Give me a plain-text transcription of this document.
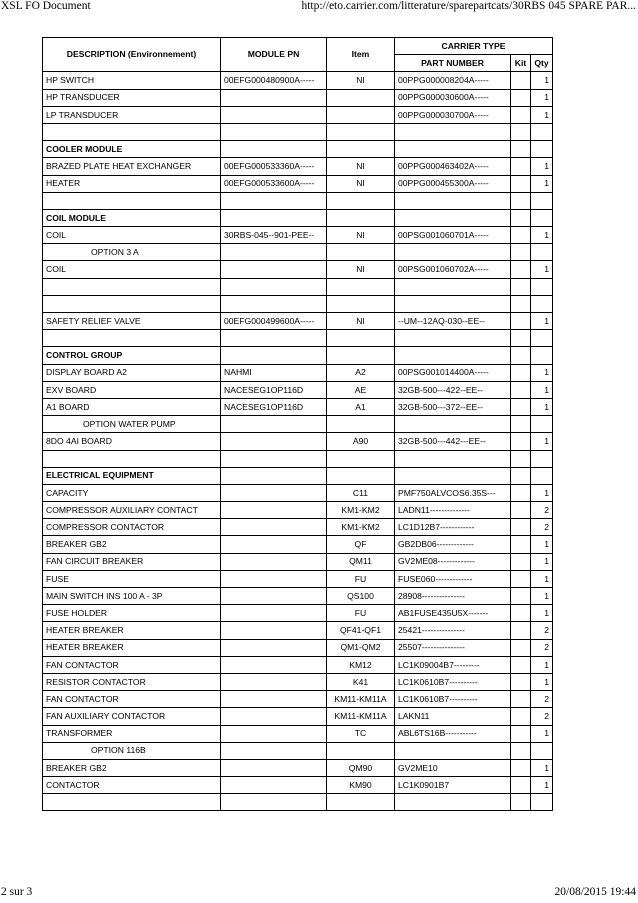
XSL FO Document	http://eto.carrier.com/litterature/sparepartcats/30RBS 045 SPARE PAR...
DESCRIPTION (Environnement)	MODULE PN	Item	CARRIER TYPE		
			PART NUMBER	Kit	Qty
HP SWITCH	00EFG000480900A-----	NI	00PPG000008204A-----		1
HP TRANSDUCER			00PPG000030600A-----		1
LP TRANSDUCER			00PPG000030700A-----		1

COOLER MODULE					
BRAZED PLATE HEAT EXCHANGER	00EFG000533360A-----	NI	00PPG000463402A-----		1
HEATER	00EFG000533600A-----	NI	00PPG000455300A-----		1

COIL MODULE					
COIL	30RBS-045--901-PEE--	NI	00PSG001060701A-----		1
OPTION 3 A					
COIL		NI	00PSG001060702A-----		1

SAFETY RELIEF VALVE	00EFG000499600A-----	NI	--UM--12AQ-030--EE--		1

CONTROL GROUP					
DISPLAY BOARD A2	NAHMI	A2	00PSG001014400A-----		1
EXV BOARD	NACESEG1OP116D	AE	32GB-500---422--EE--		1
A1 BOARD	NACESEG1OP116D	A1	32GB-500---372--EE--		1
OPTION WATER PUMP					
8DO 4AI BOARD		A90	32GB-500---442---EE--		1

ELECTRICAL EQUIPMENT					
CAPACITY		C11	PMF750ALVCOS6.35S---		1
COMPRESSOR AUXILIARY CONTACT		KM1-KM2	LADN11--------------		2
COMPRESSOR CONTACTOR		KM1-KM2	LC1D12B7------------		2
BREAKER GB2		QF	GB2DB06-------------		1
FAN CIRCUIT BREAKER		QM11	GV2ME08-------------		1
FUSE		FU	FUSE060-------------		1
MAIN SWITCH INS 100 A - 3P		QS100	28908---------------		1
FUSE HOLDER		FU	AB1FUSE435U5X-------		1
HEATER BREAKER		QF41-QF1	25421---------------		2
HEATER BREAKER		QM1-QM2	25507---------------		2
FAN CONTACTOR		KM12	LC1K09004B7---------		1
RESISTOR CONTACTOR		K41	LC1K0610B7----------		1
FAN CONTACTOR		KM11-KM11A	LC1K0610B7----------		2
FAN AUXILIARY CONTACTOR		KM11-KM11A	LAKN11		2
TRANSFORMER		TC	ABL6TS16B-----------		1
OPTION 116B					
BREAKER GB2		QM90	GV2ME10		1
CONTACTOR		KM90	LC1K0901B7		1

2 sur 3	20/08/2015 19:44
